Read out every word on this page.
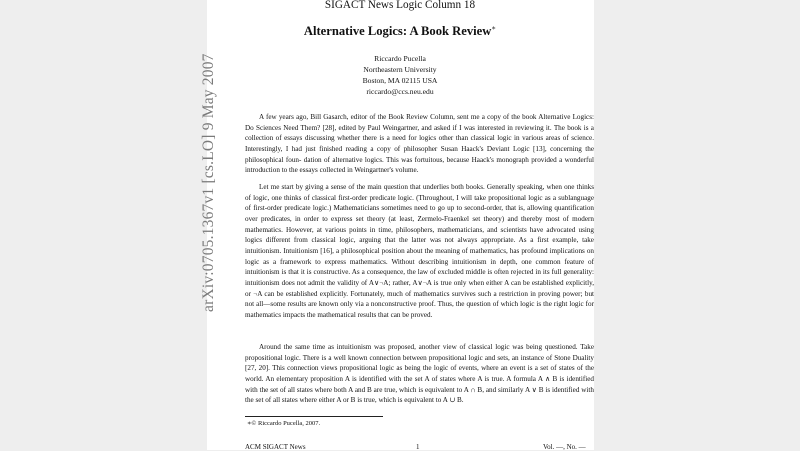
arXiv:0705.1367v1 [cs.LO] 9 May 2007
SIGACT News Logic Column 18
Alternative Logics: A Book Review∗
Riccardo Pucella
Northeastern University
Boston, MA 02115 USA
riccardo@ccs.neu.edu

A few years ago, Bill Gasarch, editor of the Book Review Column, sent me a copy of the book Alternative Logics: Do Sciences Need Them? [28], edited by Paul Weingartner, and asked if I was interested in reviewing it. The book is a collection of essays discussing whether there is a need for logics other than classical logic in various areas of science. Interestingly, I had just finished reading a copy of philosopher Susan Haack's Deviant Logic [13], concerning the philosophical foun- dation of alternative logics. This was fortuitous, because Haack's monograph provided a wonderful introduction to the essays collected in Weingartner's volume.

Let me start by giving a sense of the main question that underlies both books. Generally speaking, when one thinks of logic, one thinks of classical first-order predicate logic. (Throughout, I will take propositional logic as a sublanguage of first-order predicate logic.) Mathematicians sometimes need to go up to second-order, that is, allowing quantification over predicates, in order to express set theory (at least, Zermelo-Fraenkel set theory) and thereby most of modern mathematics. However, at various points in time, philosophers, mathematicians, and scientists have advocated using logics different from classical logic, arguing that the latter was not always appropriate. As a first example, take intuitionism. Intuitionism [16], a philosophical position about the meaning of mathematics, has profound implications on logic as a framework to express mathematics. Without describing intuitionism in depth, one common feature of intuitionism is that it is constructive. As a consequence, the law of excluded middle is often rejected in its full generality: intuitionism does not admit the validity of A∨¬A; rather, A∨¬A is true only when either A can be established explicitly, or ¬A can be established explicitly. Fortunately, much of mathematics survives such a restriction in proving power; but not all—some results are known only via a nonconstructive proof. Thus, the question of which logic is the right logic for mathematics impacts the mathematical results that can be proved.

Around the same time as intuitionism was proposed, another view of classical logic was being questioned. Take propositional logic. There is a well known connection between propositional logic and sets, an instance of Stone Duality [27, 20]. This connection views propositional logic as being the logic of events, where an event is a set of states of the world. An elementary proposition A is identified with the set A of states where A is true. A formula A ∧ B is identified with the set of all states where both A and B are true, which is equivalent to A ∩ B, and similarly A ∨ B is identified with the set of all states where either A or B is true, which is equivalent to A ∪ B.

∗© Riccardo Pucella, 2007.
ACM SIGACT News	1	Vol. —, No. —
